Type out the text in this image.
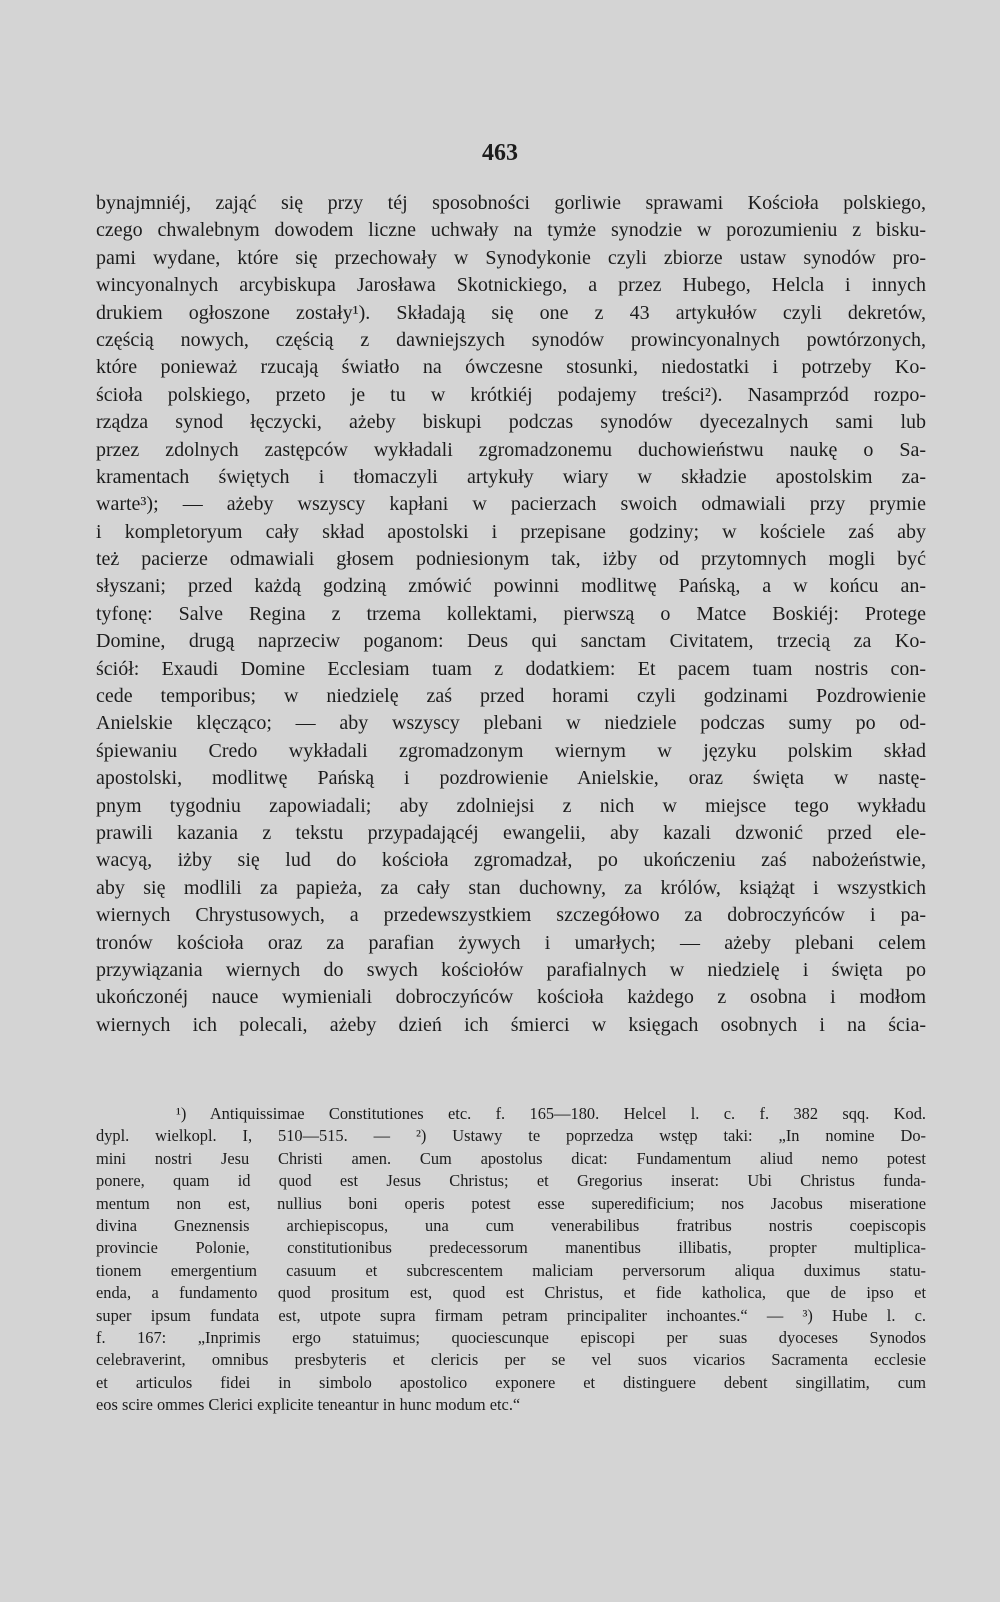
463
bynajmniéj, zająć się przy téj sposobności gorliwie sprawami Kościoła polskiego,
czego chwalebnym dowodem liczne uchwały na tymże synodzie w porozumieniu z bisku-
pami wydane, które się przechowały w Synodykonie czyli zbiorze ustaw synodów pro-
wincyonalnych arcybiskupa Jarosława Skotnickiego, a przez Hubego, Helcla i innych
drukiem ogłoszone zostały¹). Składają się one z 43 artykułów czyli dekretów,
częścią nowych, częścią z dawniejszych synodów prowincyonalnych powtórzonych,
które ponieważ rzucają światło na ówczesne stosunki, niedostatki i potrzeby Ko-
ścioła polskiego, przeto je tu w krótkiéj podajemy treści²). Nasamprzód rozpo-
rządza synod łęczycki, ażeby biskupi podczas synodów dyecezalnych sami lub
przez zdolnych zastępców wykładali zgromadzonemu duchowieństwu naukę o Sa-
kramentach świętych i tłomaczyli artykuły wiary w składzie apostolskim za-
warte³); — ażeby wszyscy kapłani w pacierzach swoich odmawiali przy prymie
i kompletoryum cały skład apostolski i przepisane godziny; w kościele zaś aby
też pacierze odmawiali głosem podniesionym tak, iżby od przytomnych mogli być
słyszani; przed każdą godziną zmówić powinni modlitwę Pańską, a w końcu an-
tyfonę: Salve Regina z trzema kollektami, pierwszą o Matce Boskiéj: Protege
Domine, drugą naprzeciw poganom: Deus qui sanctam Civitatem, trzecią za Ko-
ściół: Exaudi Domine Ecclesiam tuam z dodatkiem: Et pacem tuam nostris con-
cede temporibus; w niedzielę zaś przed horami czyli godzinami Pozdrowienie
Anielskie klęcząco; — aby wszyscy plebani w niedziele podczas sumy po od-
śpiewaniu Credo wykładali zgromadzonym wiernym w języku polskim skład
apostolski, modlitwę Pańską i pozdrowienie Anielskie, oraz święta w nastę-
pnym tygodniu zapowiadali; aby zdolniejsi z nich w miejsce tego wykładu
prawili kazania z tekstu przypadającéj ewangelii, aby kazali dzwonić przed ele-
wacyą, iżby się lud do kościoła zgromadzał, po ukończeniu zaś nabożeństwie,
aby się modlili za papieża, za cały stan duchowny, za królów, książąt i wszystkich
wiernych Chrystusowych, a przedewszystkiem szczegółowo za dobroczyńców i pa-
tronów kościoła oraz za parafian żywych i umarłych; — ażeby plebani celem
przywiązania wiernych do swych kościołów parafialnych w niedzielę i święta po
ukończonéj nauce wymieniali dobroczyńców kościoła każdego z osobna i modłom
wiernych ich polecali, ażeby dzień ich śmierci w księgach osobnych i na ścia-
¹) Antiquissimae Constitutiones etc. f. 165—180. Helcel l. c. f. 382 sqq. Kod.
dypl. wielkopl. I, 510—515. — ²) Ustawy te poprzedza wstęp taki: „In nomine Do-
mini nostri Jesu Christi amen. Cum apostolus dicat: Fundamentum aliud nemo potest
ponere, quam id quod est Jesus Christus; et Gregorius inserat: Ubi Christus funda-
mentum non est, nullius boni operis potest esse superedificium; nos Jacobus miseratione
divina Gneznensis archiepiscopus, una cum venerabilibus fratribus nostris coepiscopis
provincie Polonie, constitutionibus predecessorum manentibus illibatis, propter multiplica-
tionem emergentium casuum et subcrescentem maliciam perversorum aliqua duximus statu-
enda, a fundamento quod prositum est, quod est Christus, et fide katholica, que de ipso et
super ipsum fundata est, utpote supra firmam petram principaliter inchoantes.“ — ³) Hube l. c.
f. 167: „Inprimis ergo statuimus; quociescunque episcopi per suas dyoceses Synodos
celebraverint, omnibus presbyteris et clericis per se vel suos vicarios Sacramenta ecclesie
et articulos fidei in simbolo apostolico exponere et distinguere debent singillatim, cum
eos scire ommes Clerici explicite teneantur in hunc modum etc.“
